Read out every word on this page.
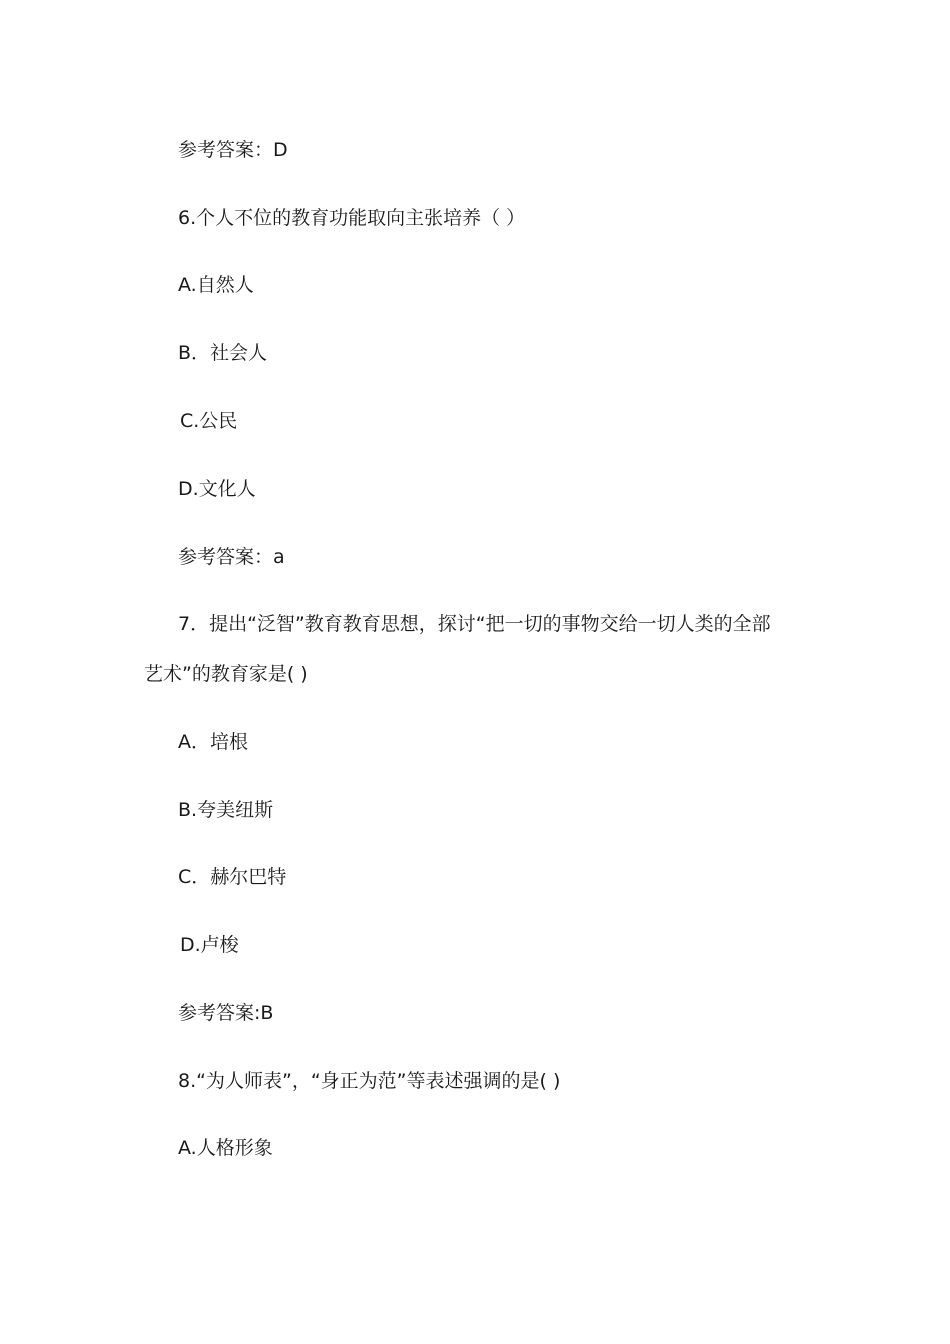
参考答案：D
6.个人不位的教育功能取向主张培养（ ）
A.自然人
B．社会人
C.公民
D.文化人
参考答案：a
7．提出“泛智”教育教育思想，探讨“把一切的事物交给一切人类的全部
艺术”的教育家是( )
A．培根
B.夸美纽斯
C．赫尔巴特
D.卢梭
参考答案:B
8.“为人师表”，“身正为范”等表述强调的是( )
A.人格形象
